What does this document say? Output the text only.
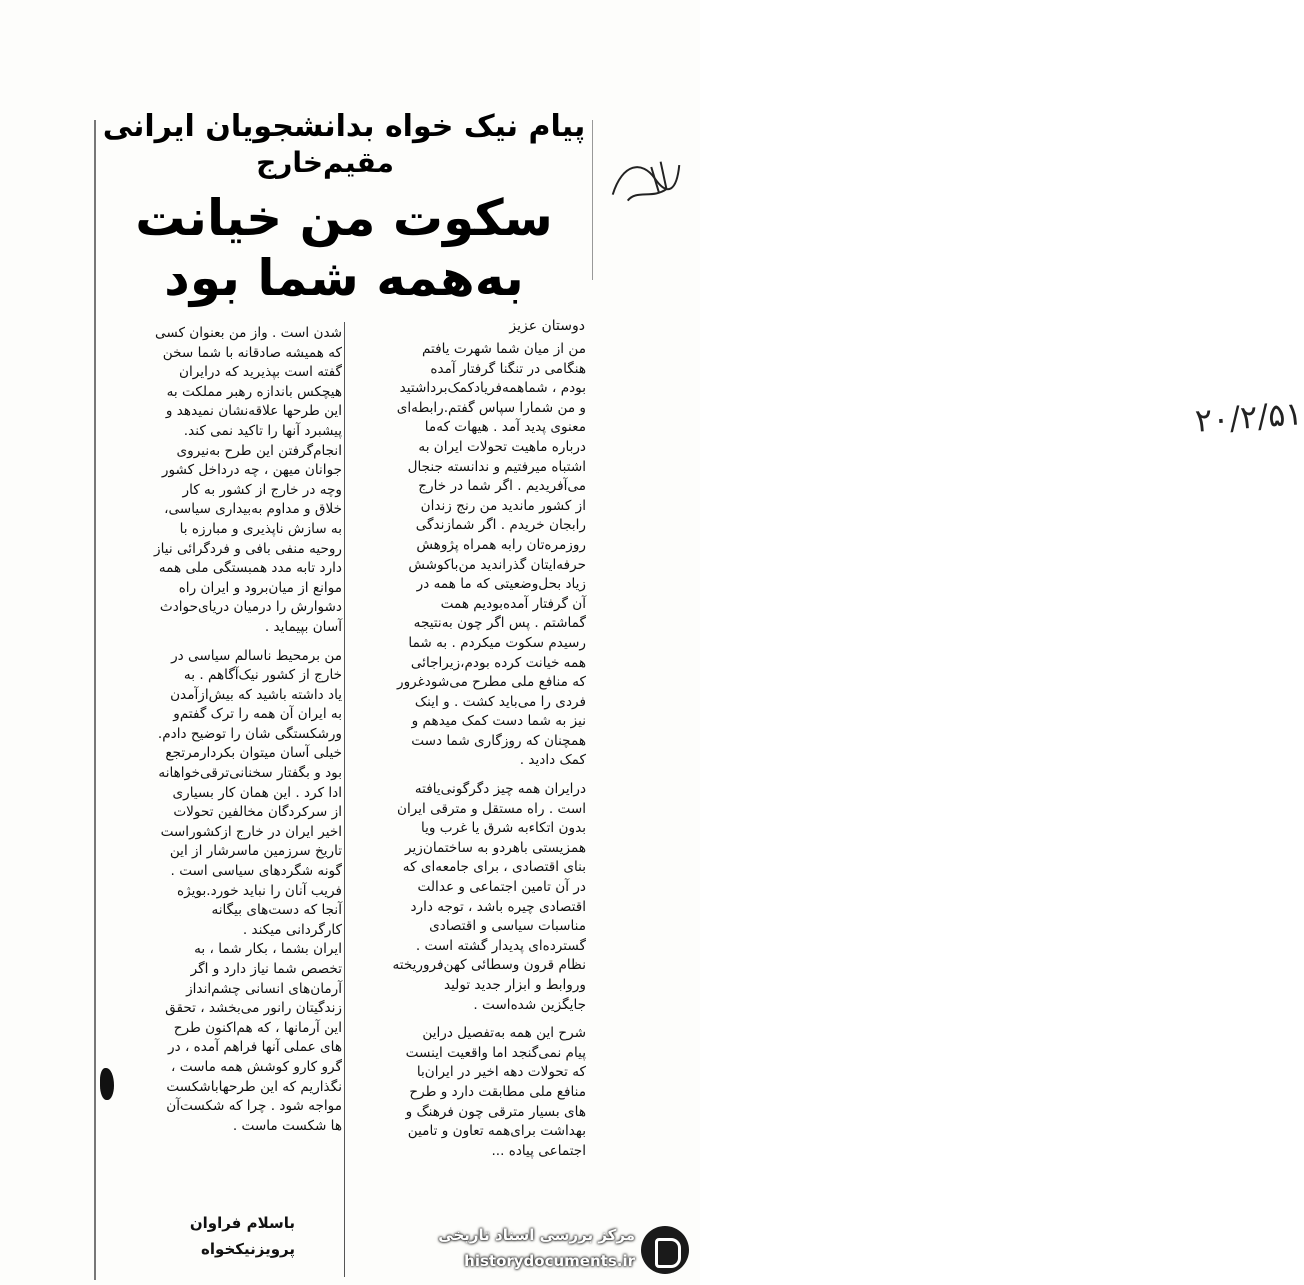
پیام نیک خواه بدانشجویان ایرانی
مقیم‌خارج
سکوت من خیانت
به‌همه شما بود
۲۰/۲/۵۱
دوستان عزیز
من از میان شما شهرت یافتم
هنگامی در تنگنا گرفتار آمده
بودم ، شماهمه‌فریادکمک‌برداشتید
و من شمارا سپاس گفتم.رابطه‌ای
معنوی پدید آمد . هیهات که‌ما
درباره ماهیت تحولات ایران به
اشتباه میرفتیم و ندانسته جنجال
می‌آفریدیم . اگر شما در خارج
از کشور ماندید من رنج زندان
رابجان خریدم . اگر شمازندگی
روزمره‌تان رابه همراه پژوهش
حرفه‌ایتان گذراندید من‌باکوشش
زیاد بحل‌وضعیتی که ما همه در
آن گرفتار آمده‌بودیم همت
گماشتم . پس اگر چون به‌نتیجه
رسیدم سکوت میکردم . به شما
همه خیانت کرده بودم،زیراجائی
که منافع ملی مطرح می‌شودغرور
فردی را می‌باید کشت . و اینک
نیز به شما دست کمک میدهم و
همچنان که روزگاری شما دست
کمک دادید .
درایران همه چیز دگرگونی‌یافته
است . راه مستقل و مترقی ایران
بدون اتکاءبه شرق یا غرب ویا
همزیستی باهردو به ساختمان‌زیر
بنای اقتصادی ، برای جامعه‌ای که
در آن تامین اجتماعی و عدالت
اقتصادی چیره باشد ، توجه دارد
مناسبات سیاسی و اقتصادی
گسترده‌ای پدیدار گشته است .
نظام قرون وسطائی کهن‌فروریخته
وروابط و ابزار جدید تولید
جایگزین شده‌است .
شرح این همه به‌تفصیل دراین
پیام نمی‌گنجد اما واقعیت اینست
که تحولات دهه اخیر در ایران‌با
منافع ملی مطابقت دارد و طرح
های بسیار مترقی چون فرهنگ و
بهداشت برای‌همه تعاون و تامین
اجتماعی پیاده ...
شدن است . واز من بعنوان کسی
که همیشه صادقانه با شما سخن
گفته است بپذیرید که درایران
هیچکس باندازه رهبر مملکت به
این طرحها علاقه‌نشان نمیدهد و
پیشبرد آنها را تاکید نمی کند.
انجام‌گرفتن این طرح به‌نیروی
جوانان میهن ، چه درداخل کشور
وچه در خارج از کشور به کار
خلاق و مداوم به‌بیداری سیاسی،
به سازش ناپذیری و مبارزه با
روحیه منفی بافی و فردگرائی نیاز
دارد تابه مدد همبستگی ملی همه
موانع از میان‌برود و ایران راه
دشوارش را درمیان دریای‌حوادث
آسان بپیماید .
من بر‌محیط ناسالم سیاسی در
خارج از کشور نیک‌آگاهم . به
یاد داشته باشید که بیش‌ازآمدن
به ایران آن همه را ترک گفتم‌و
ورشکستگی شان را توضیح دادم.
خیلی آسان میتوان بکردارمرتجع
بود و بگفتار سخنانی‌ترقی‌خواهانه
ادا کرد . این همان کار بسیاری
از سرکردگان مخالفین تحولات
اخیر ایران در خارج ازکشوراست
تاریخ سرزمین ماسرشار از این
گونه شگردهای سیاسی است .
فریب آنان را نباید خورد.بویژه
آنجا که دست‌های بیگانه
کارگردانی میکند .
ایران بشما ، بکار شما ، به
تخصص شما نیاز دارد و اگر
آرمان‌های انسانی چشم‌انداز
زندگیتان رانور می‌بخشد ، تحقق
این آرمانها ، که هم‌اکنون طرح
های عملی آنها فراهم آمده ، در
گرو کارو کوشش همه ماست ،
نگذاریم که این طرحهاباشکست
مواجه شود . چرا که شکست‌آن
ها شکست ماست .
باسلام فراوان
پرویزنیکخواه
مرکز بررسی اسناد تاریخی
historydocuments.ir
